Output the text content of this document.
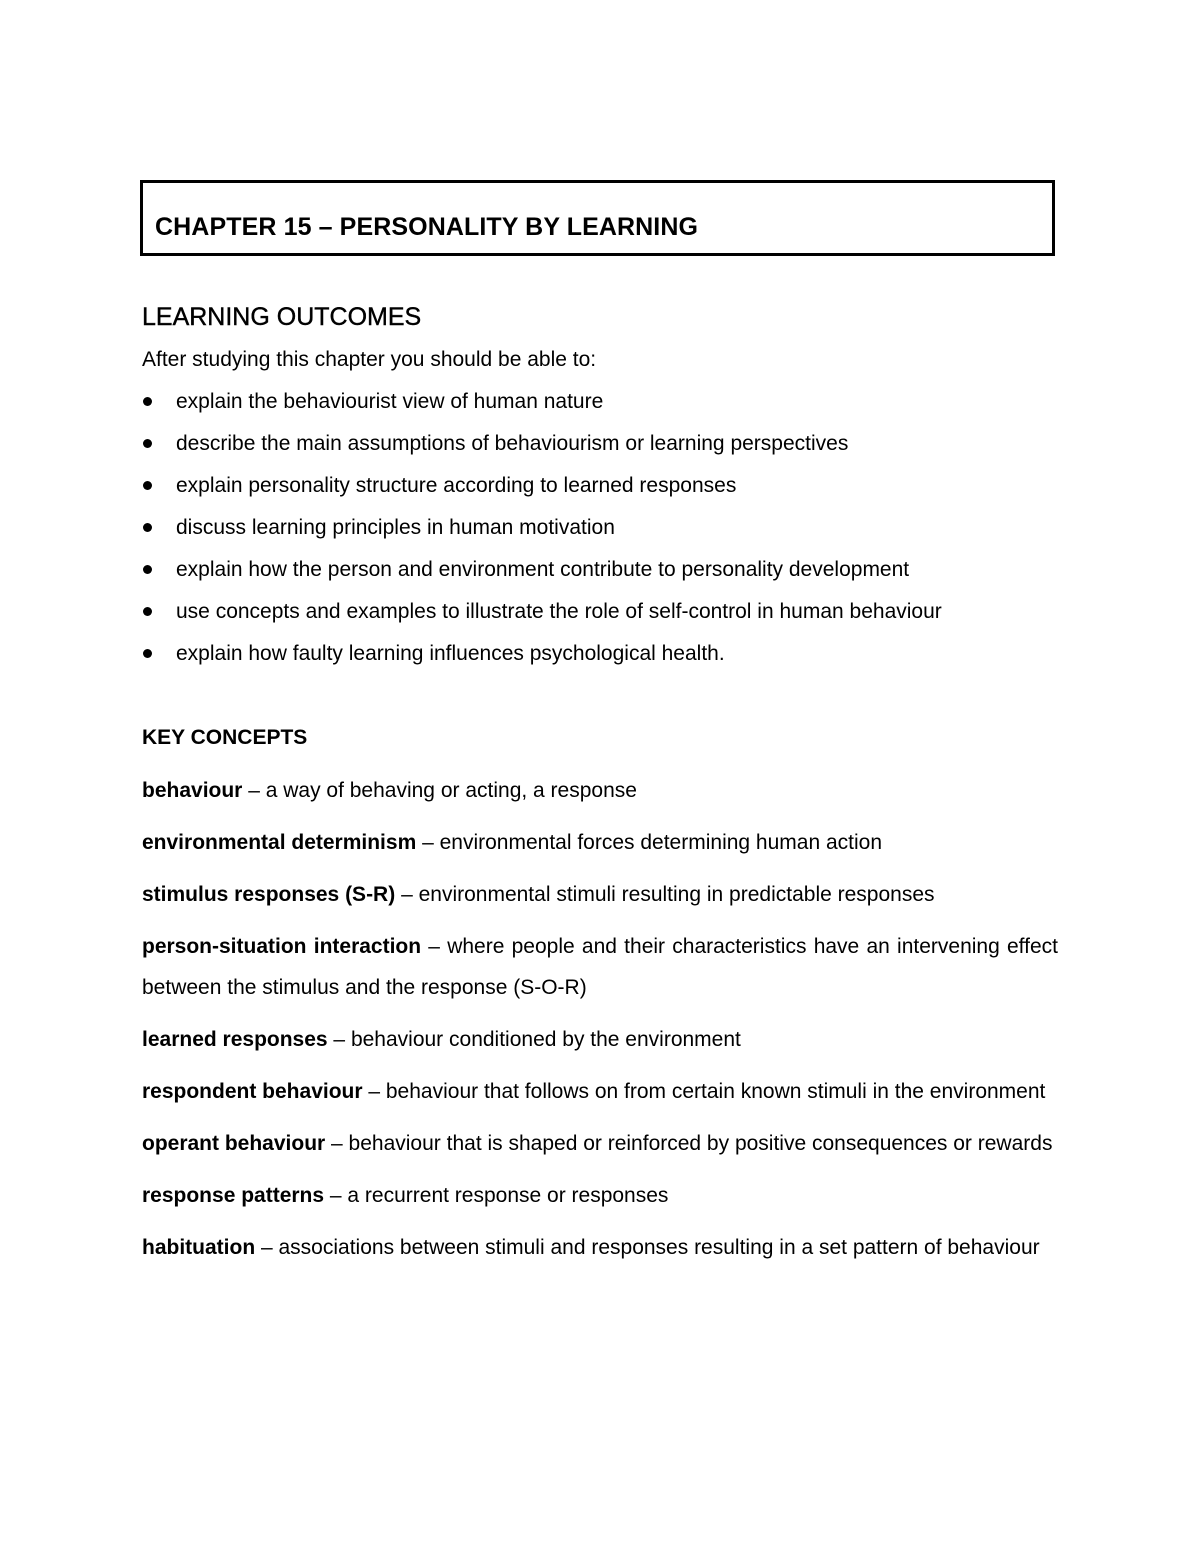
CHAPTER 15 – PERSONALITY BY LEARNING
LEARNING OUTCOMES
After studying this chapter you should be able to:
explain the behaviourist view of human nature
describe the main assumptions of behaviourism or learning perspectives
explain personality structure according to learned responses
discuss learning principles in human motivation
explain how the person and environment contribute to personality development
use concepts and examples to illustrate the role of self-control in human behaviour
explain how faulty learning influences psychological health.
KEY CONCEPTS

behaviour – a way of behaving or acting, a response

environmental determinism – environmental forces determining human action

stimulus responses (S-R) – environmental stimuli resulting in predictable responses

person-situation interaction – where people and their characteristics have an intervening effect between the stimulus and the response (S-O-R)

learned responses – behaviour conditioned by the environment

respondent behaviour – behaviour that follows on from certain known stimuli in the environment

operant behaviour – behaviour that is shaped or reinforced by positive consequences or rewards

response patterns – a recurrent response or responses

habituation – associations between stimuli and responses resulting in a set pattern of behaviour
